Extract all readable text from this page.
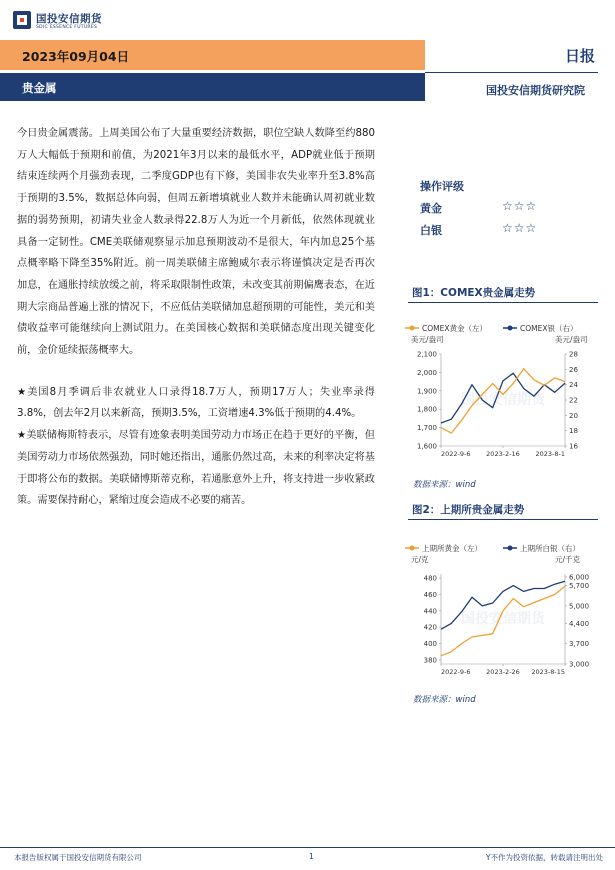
国投安信期货
SDIC ESSENCE FUTURES
2023年09月04日
贵金属
日报
国投安信期货研究院

今日贵金属震荡。上周美国公布了大量重要经济数据，职位空缺人数降至约880万人大幅低于预期和前值，为2021年3月以来的最低水平，ADP就业低于预期结束连续两个月强劲表现，二季度GDP也有下修，美国非农失业率升至3.8%高于预期的3.5%，数据总体向弱，但周五新增填就业人数并未能确认周初就业数据的弱势预期，初请失业金人数录得22.8万人为近一个月新低，依然体现就业具备一定韧性。CME美联储观察显示加息预期波动不是很大，年内加息25个基点概率略下降至35%附近。前一周美联储主席鲍威尔表示将谨慎决定是否再次加息，在通胀持续放缓之前，将采取限制性政策，未改变其前期偏鹰表态，在近期大宗商品普遍上涨的情况下，不应低估美联储加息超预期的可能性，美元和美债收益率可能继续向上测试阻力。在美国核心数据和美联储态度出现关键变化前，金价延续振荡概率大。

★美国8月季调后非农就业人口录得18.7万人，预期17万人；失业率录得3.8%，创去年2月以来新高，预期3.5%，工资增速4.3%低于预期的4.4%。

★美联储梅斯特表示，尽管有迹象表明美国劳动力市场正在趋于更好的平衡，但美国劳动力市场依然强劲，同时她还指出，通胀仍然过高，未来的利率决定将基于即将公布的数据。美联储博斯蒂克称，若通胀意外上升，将支持进一步收紧政策。需要保持耐心，紧缩过度会造成不必要的痛苦。

操作评级
黄金	☆☆☆
白银	☆☆☆
图1：COMEX贵金属走势
COMEX黄金（左）	COMEX银（右）
美元/盎司	美元/盎司
国投安信期货
1,600
1,700
1,800
1,900
2,000
2,100
16
18
20
22
24
26
28
2022-9-6 2023-2-16 2023-8-1
数据来源：wind
图2：上期所贵金属走势
上期所黄金（左）	上期所白银（右）
元/克	元/千克
国投安信期货
380
400
420
440
460
480
3,000
3,700
4,400
5,000
5,700
6,000
2022-9-6 2023-2-26 2023-8-15
数据来源：wind
本报告版权属于国投安信期货有限公司	1	Y不作为投资依据，转载请注明出处
